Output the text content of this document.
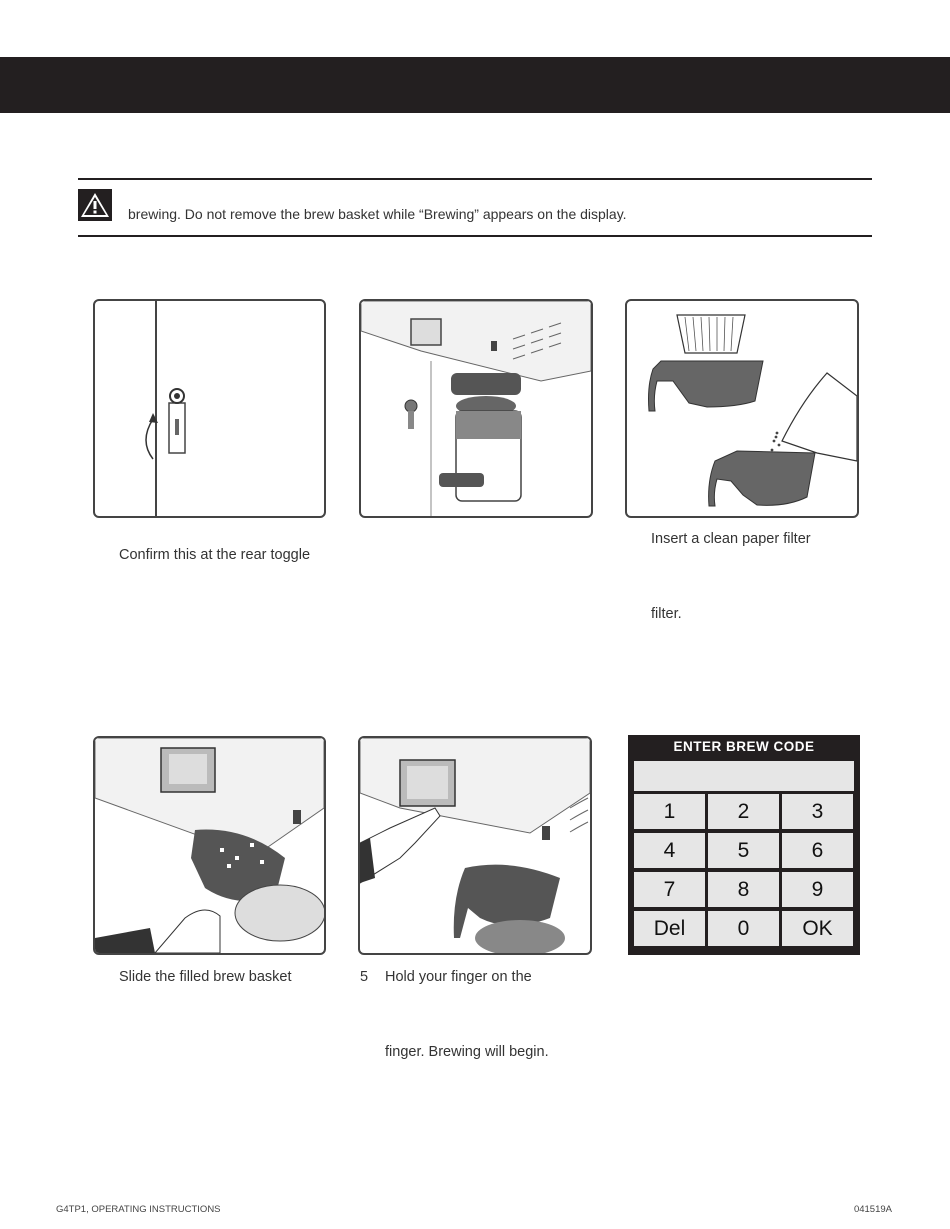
brewing. Do not remove the brew basket while “Brewing” appears on the display.
Confirm this at the rear toggle
Insert a clean paper filter
filter.
Slide the filled brew basket	5 Hold your finger on the
finger. Brewing will begin.
ENTER BREW CODE
1	2	3
4	5	6
7	8	9
Del	0	OK
G4TP1, OPERATING INSTRUCTIONS	041519A
